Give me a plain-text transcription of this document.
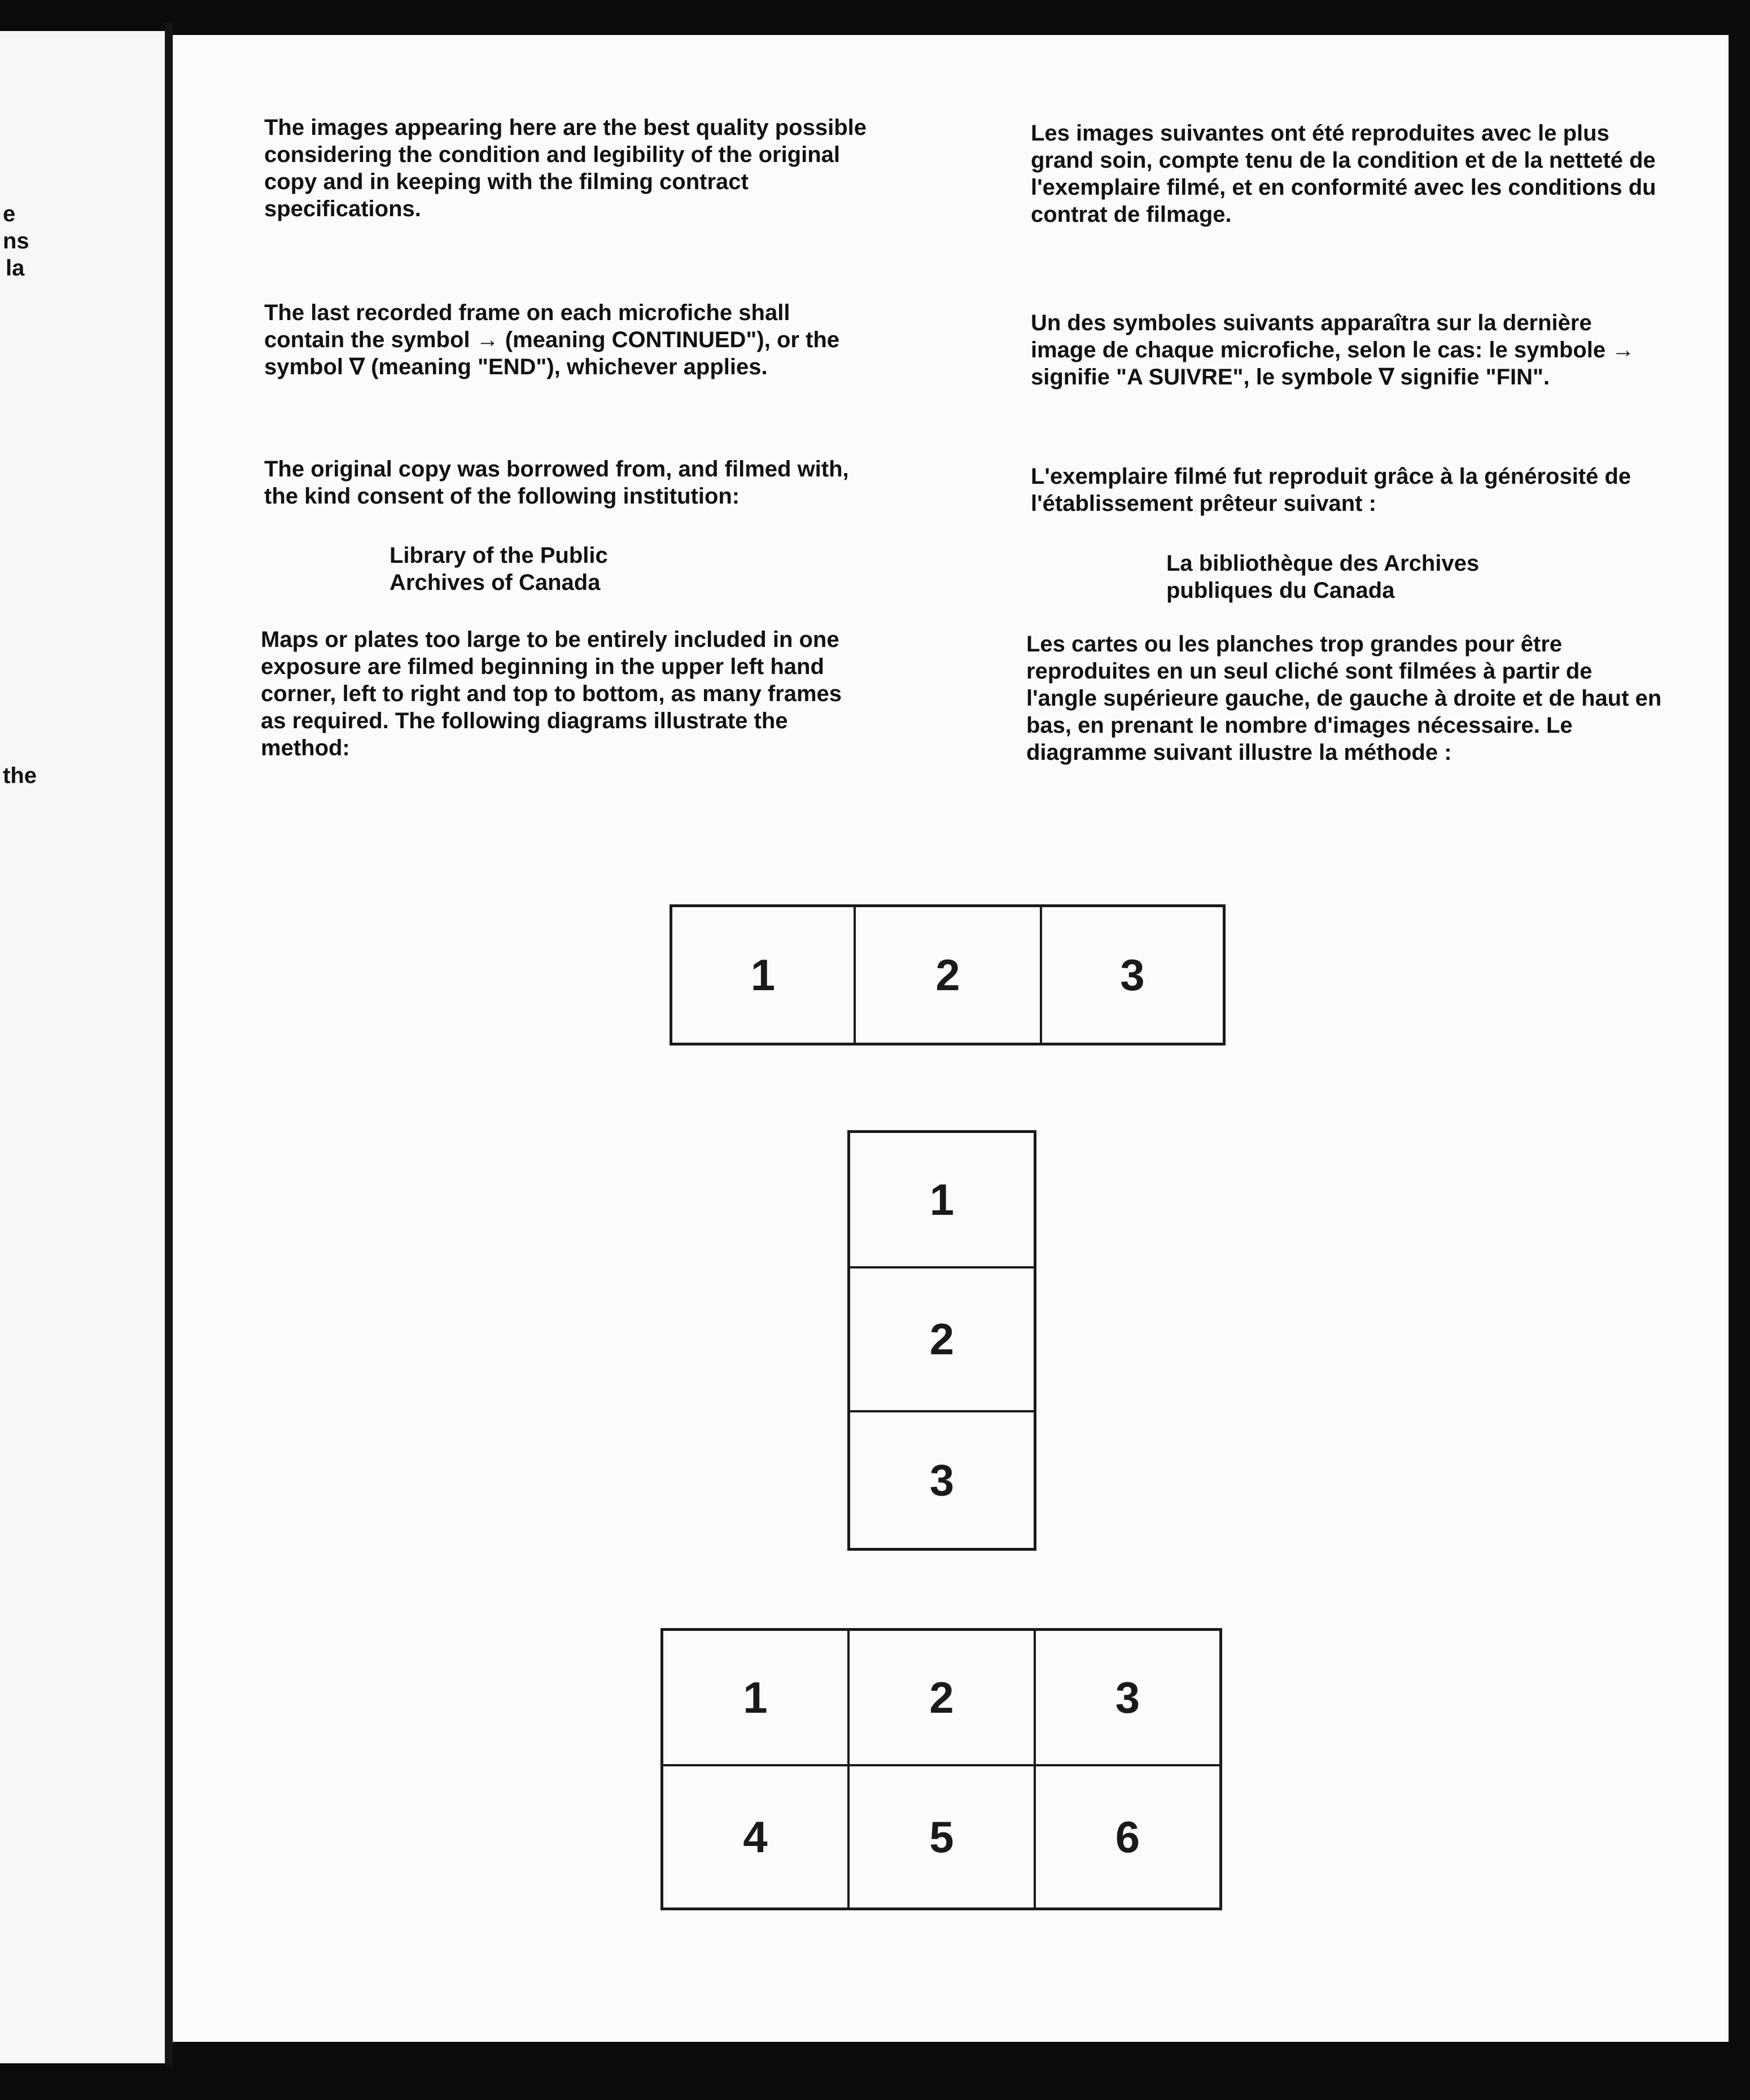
e
ns
la
the

The images appearing here are the best quality possible considering the condition and legibility of the original copy and in keeping with the filming contract specifications.

The last recorded frame on each microfiche shall contain the symbol → (meaning CONTINUED"), or the symbol ∇ (meaning "END"), whichever applies.

The original copy was borrowed from, and filmed with, the kind consent of the following institution:

Library of the Public
Archives of Canada

Maps or plates too large to be entirely included in one exposure are filmed beginning in the upper left hand corner, left to right and top to bottom, as many frames as required. The following diagrams illustrate the method:

Les images suivantes ont été reproduites avec le plus grand soin, compte tenu de la condition et de la netteté de l'exemplaire filmé, et en conformité avec les conditions du contrat de filmage.

Un des symboles suivants apparaîtra sur la dernière image de chaque microfiche, selon le cas: le symbole → signifie "A SUIVRE", le symbole ∇ signifie "FIN".

L'exemplaire filmé fut reproduit grâce à la générosité de l'établissement prêteur suivant :

La bibliothèque des Archives
publiques du Canada

Les cartes ou les planches trop grandes pour être reproduites en un seul cliché sont filmées à partir de l'angle supérieure gauche, de gauche à droite et de haut en bas, en prenant le nombre d'images nécessaire. Le diagramme suivant illustre la méthode :

1	2	3
1
2
3
1	2	3
4	5	6
